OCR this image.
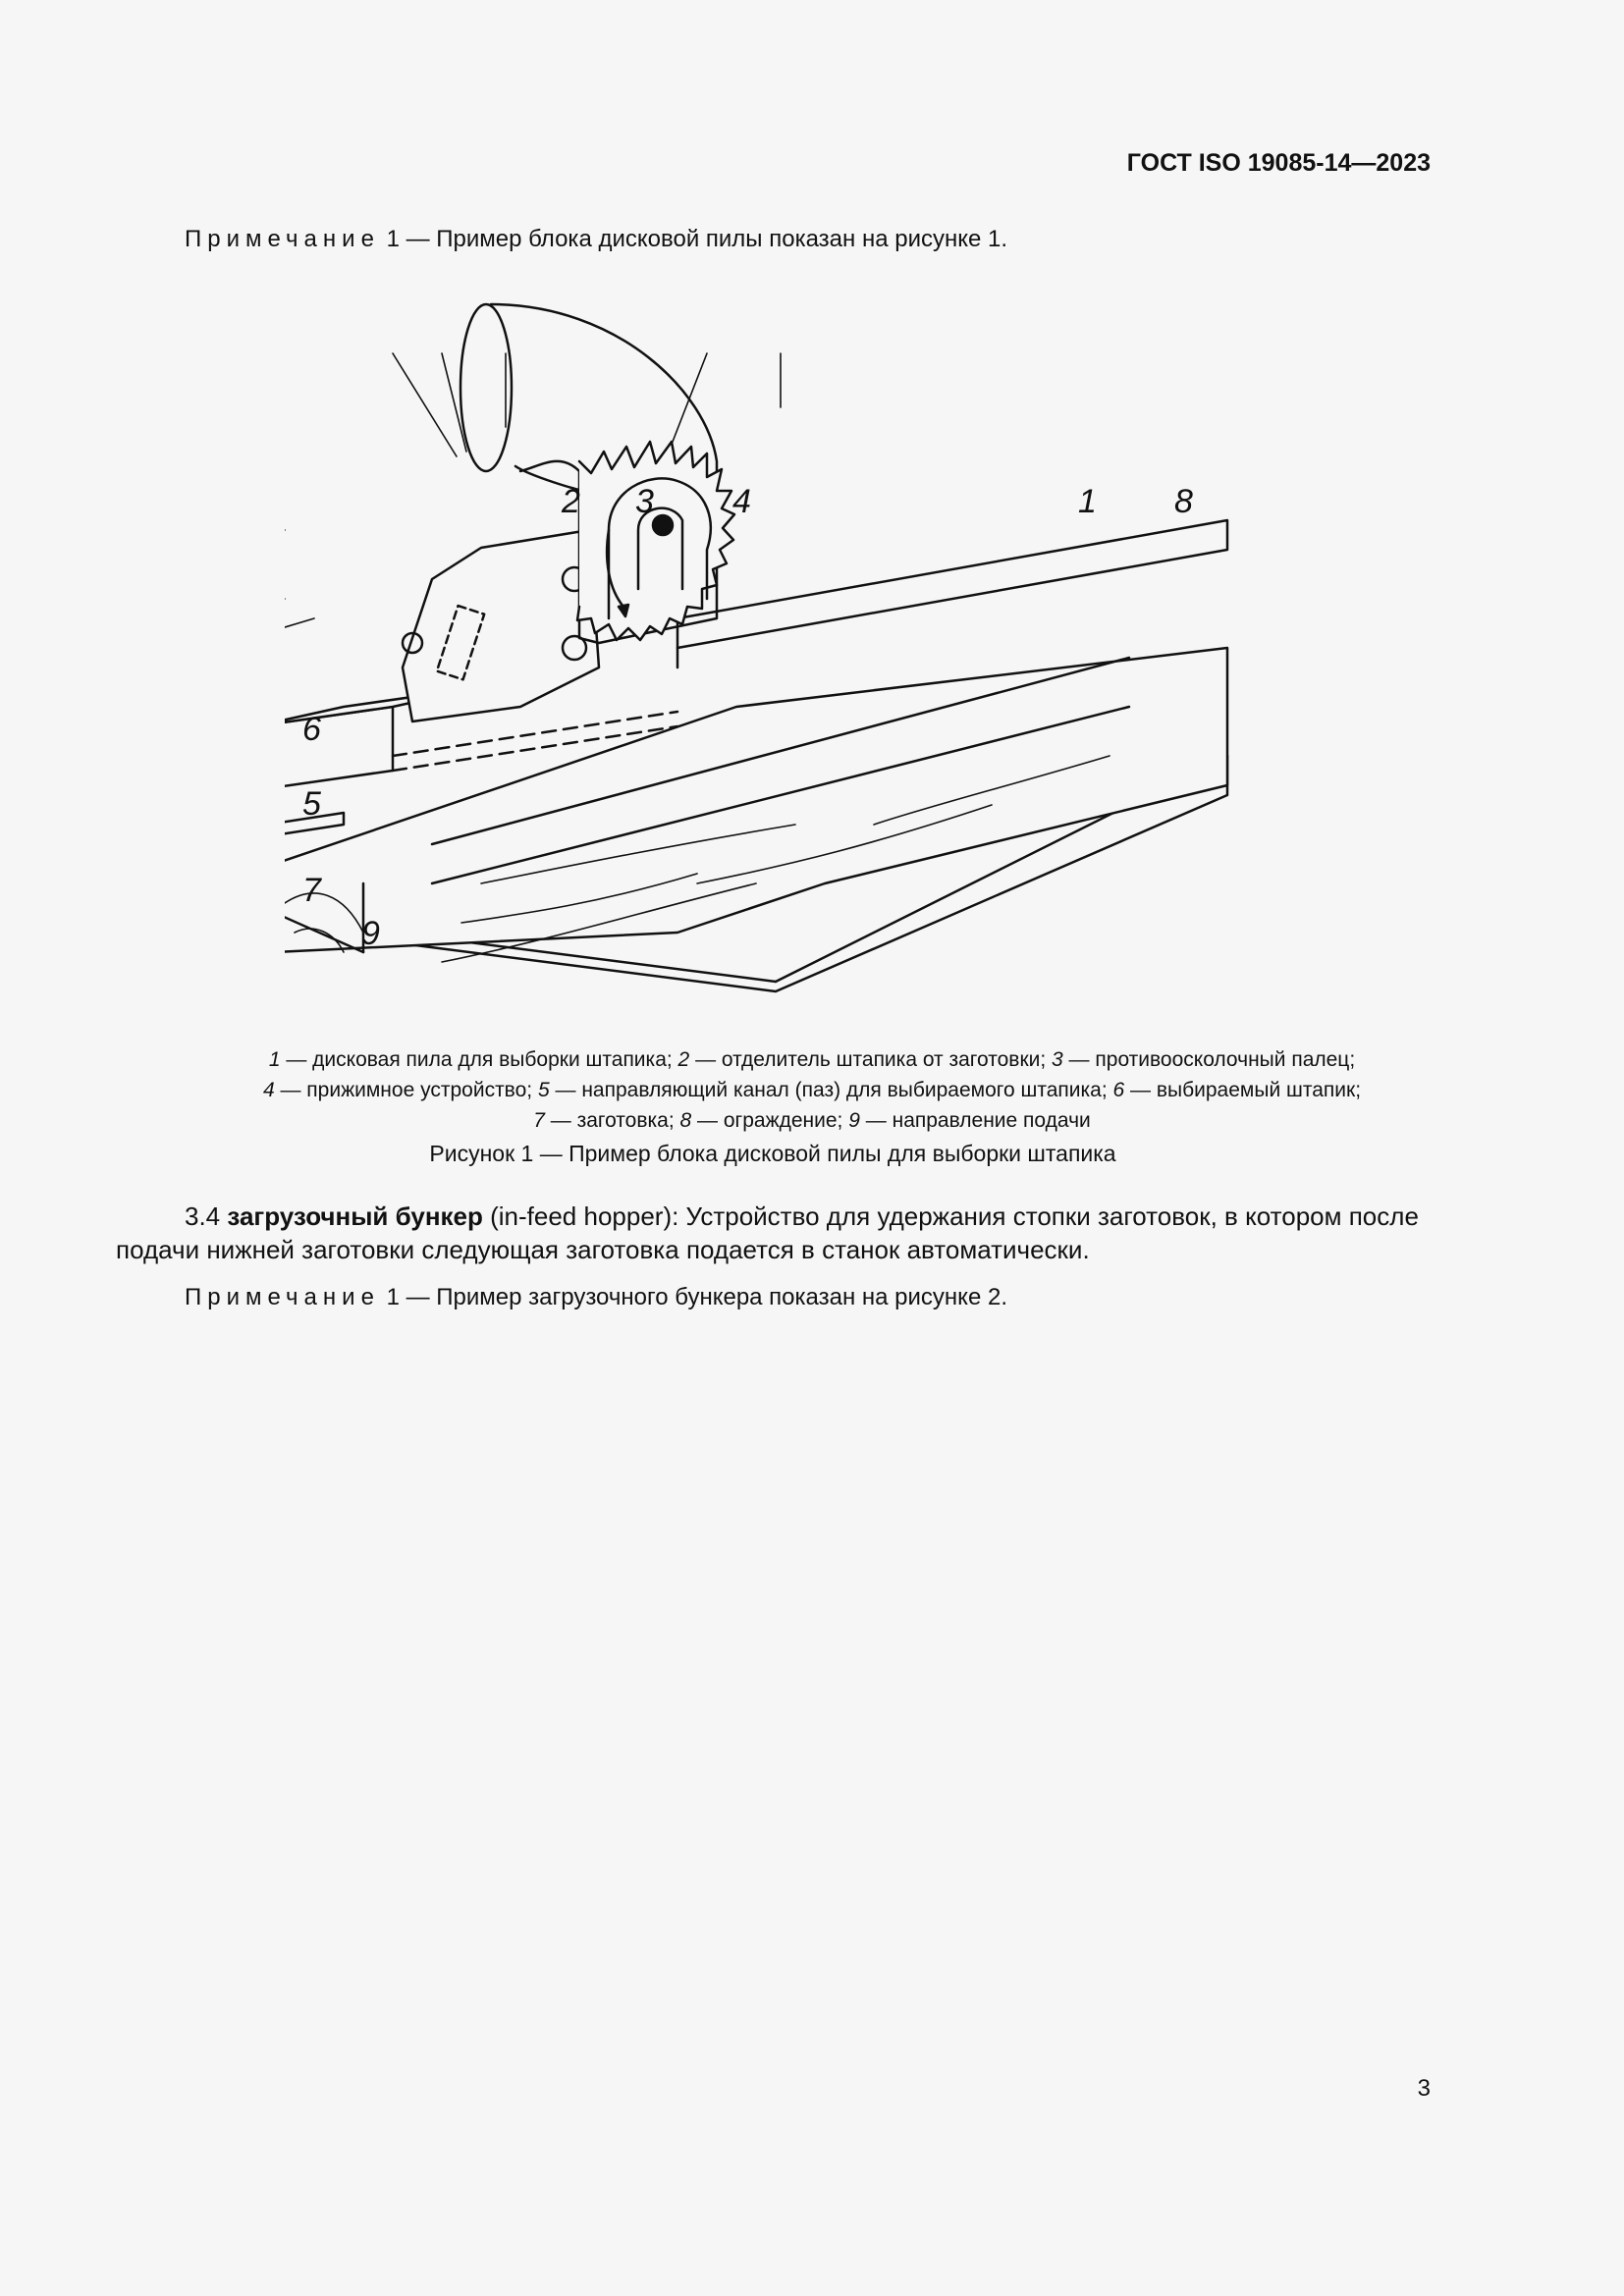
ГОСТ ISO 19085-14—2023
Примечание 1 — Пример блока дисковой пилы показан на рисунке 1.
1
2 3 4
5
6
7
8
9
1 — дисковая пила для выборки штапика; 2 — отделитель штапика от заготовки; 3 — противоосколочный палец;
4 — прижимное устройство; 5 — направляющий канал (паз) для выбираемого штапика; 6 — выбираемый штапик;
7 — заготовка; 8 — ограждение; 9 — направление подачи
Рисунок 1 — Пример блока дисковой пилы для выборки штапика
3.4 загрузочный бункер (in-feed hopper): Устройство для удержания стопки заготовок, в котором после подачи нижней заготовки следующая заготовка подается в станок автоматически.
Примечание 1 — Пример загрузочного бункера показан на рисунке 2.
3
